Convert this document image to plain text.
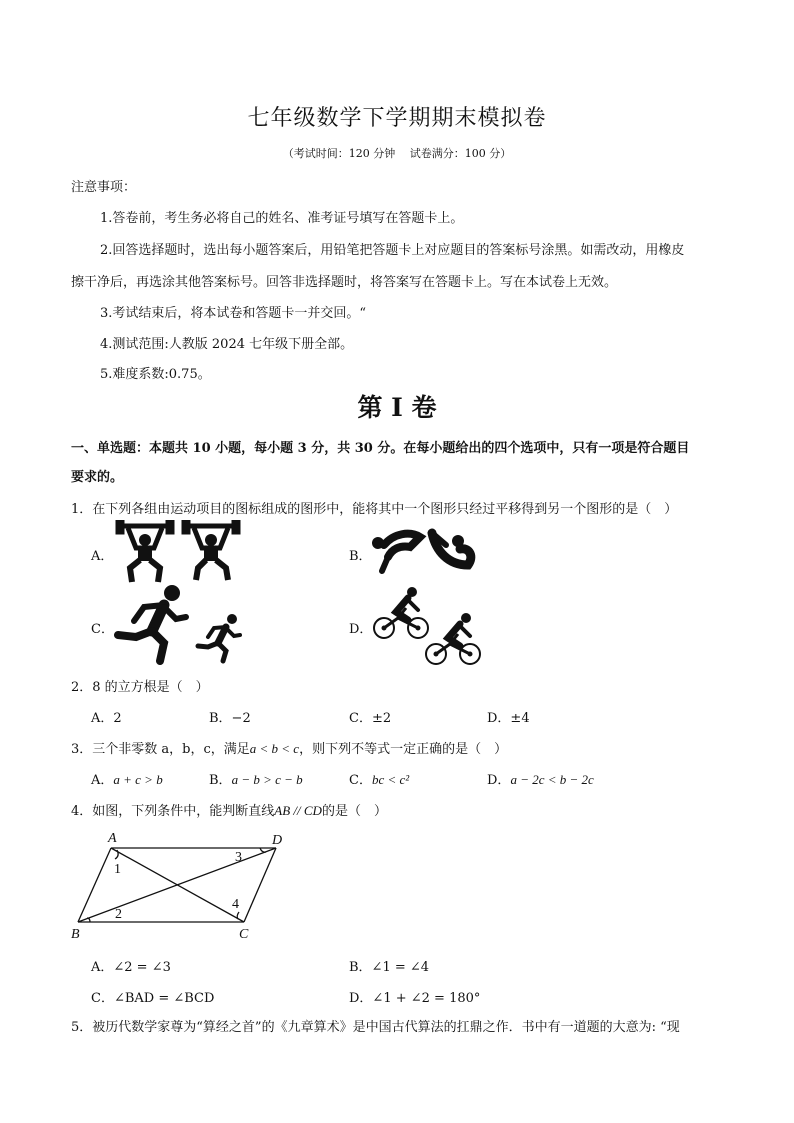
七年级数学下学期期末模拟卷
（考试时间：120 分钟　 试卷满分：100 分）
注意事项：
1.答卷前，考生务必将自己的姓名、准考证号填写在答题卡上。
2.回答选择题时，选出每小题答案后，用铅笔把答题卡上对应题目的答案标号涂黑。如需改动，用橡皮
擦干净后，再选涂其他答案标号。回答非选择题时，将答案写在答题卡上。写在本试卷上无效。
3.考试结束后，将本试卷和答题卡一并交回。“
4.测试范围:人教版 2024 七年级下册全部。
5.难度系数:0.75。
第 I 卷
一、单选题：本题共 10 小题，每小题 3 分，共 30 分。在每小题给出的四个选项中，只有一项是符合题目
要求的。
1．在下列各组由运动项目的图标组成的图形中，能将其中一个图形只经过平移得到另一个图形的是（　）
A．	B．
C．	D．
2．8 的立方根是（　）
A．2	B．−2	C．±2	D．±4
3．三个非零数 a，b，c，满足a < b < c，则下列不等式一定正确的是（　）
A．a + c > b	B．a − b > c − b	C．bc < c²	D．a − 2c < b − 2c
4．如图，下列条件中，能判断直线AB // CD的是（　）
A	D
B	C
1
2
3
4
A．∠2 = ∠3	B．∠1 = ∠4
C．∠BAD = ∠BCD	D．∠1 + ∠2 = 180°
5．被历代数学家尊为“算经之首”的《九章算术》是中国古代算法的扛鼎之作．书中有一道题的大意为: “现
